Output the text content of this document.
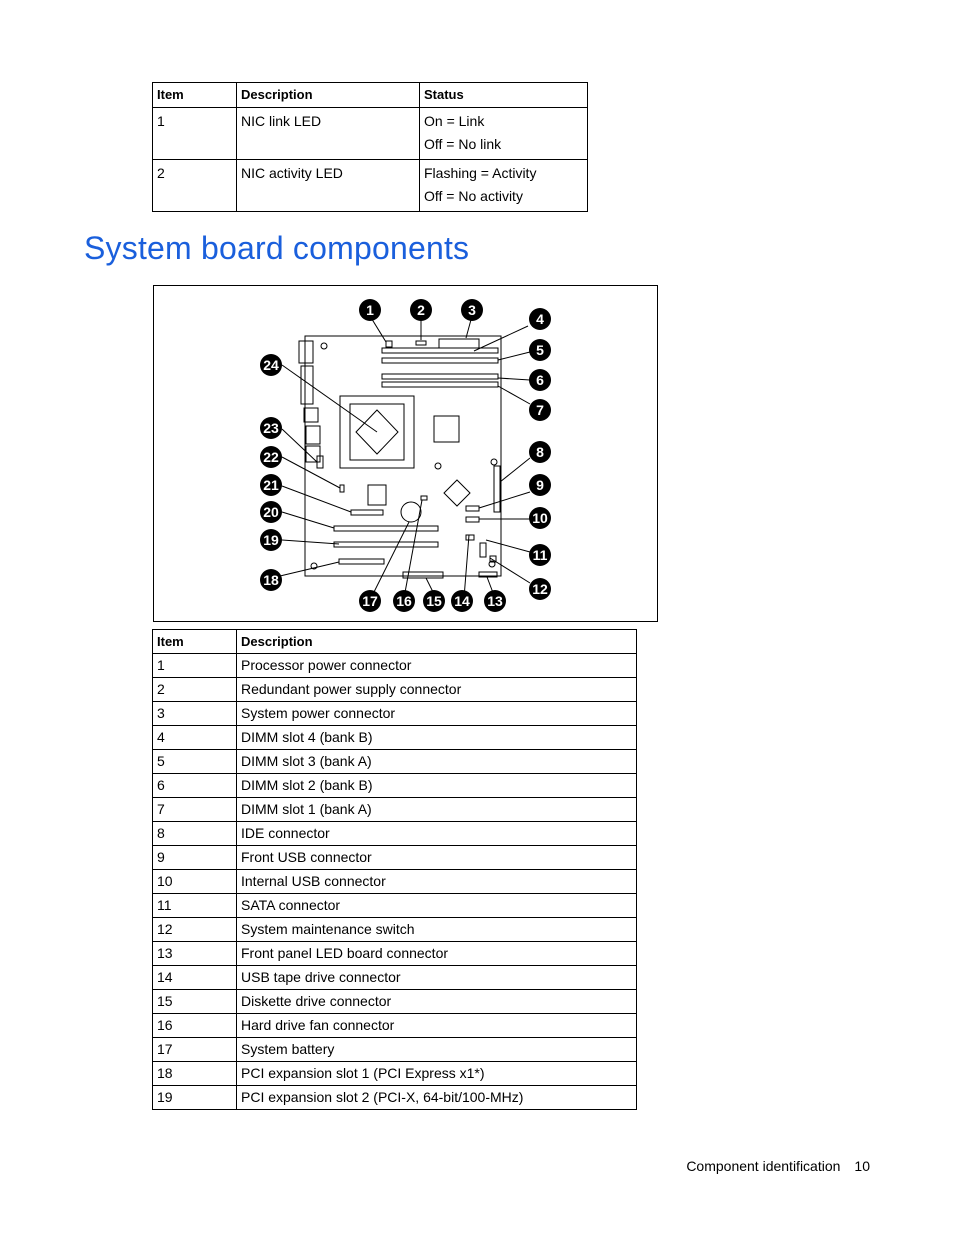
Item	Description	Status
1	NIC link LED	On = Link
Off = No link

2	NIC activity LED	Flashing = Activity
Off = No activity
System board components
1	2	3
4
5
6
7
8
9
10
11
12
13
14
15
16
17
18
19
20
21
22
23
24
Item	Description
1	Processor power connector
2	Redundant power supply connector
3	System power connector
4	DIMM slot 4 (bank B)
5	DIMM slot 3 (bank A)
6	DIMM slot 2 (bank B)
7	DIMM slot 1 (bank A)
8	IDE connector
9	Front USB connector
10	Internal USB connector
11	SATA connector
12	System maintenance switch
13	Front panel LED board connector
14	USB tape drive connector
15	Diskette drive connector
16	Hard drive fan connector
17	System battery
18	PCI expansion slot 1 (PCI Express x1*)
19	PCI expansion slot 2 (PCI-X, 64-bit/100-MHz)
Component identification 10
